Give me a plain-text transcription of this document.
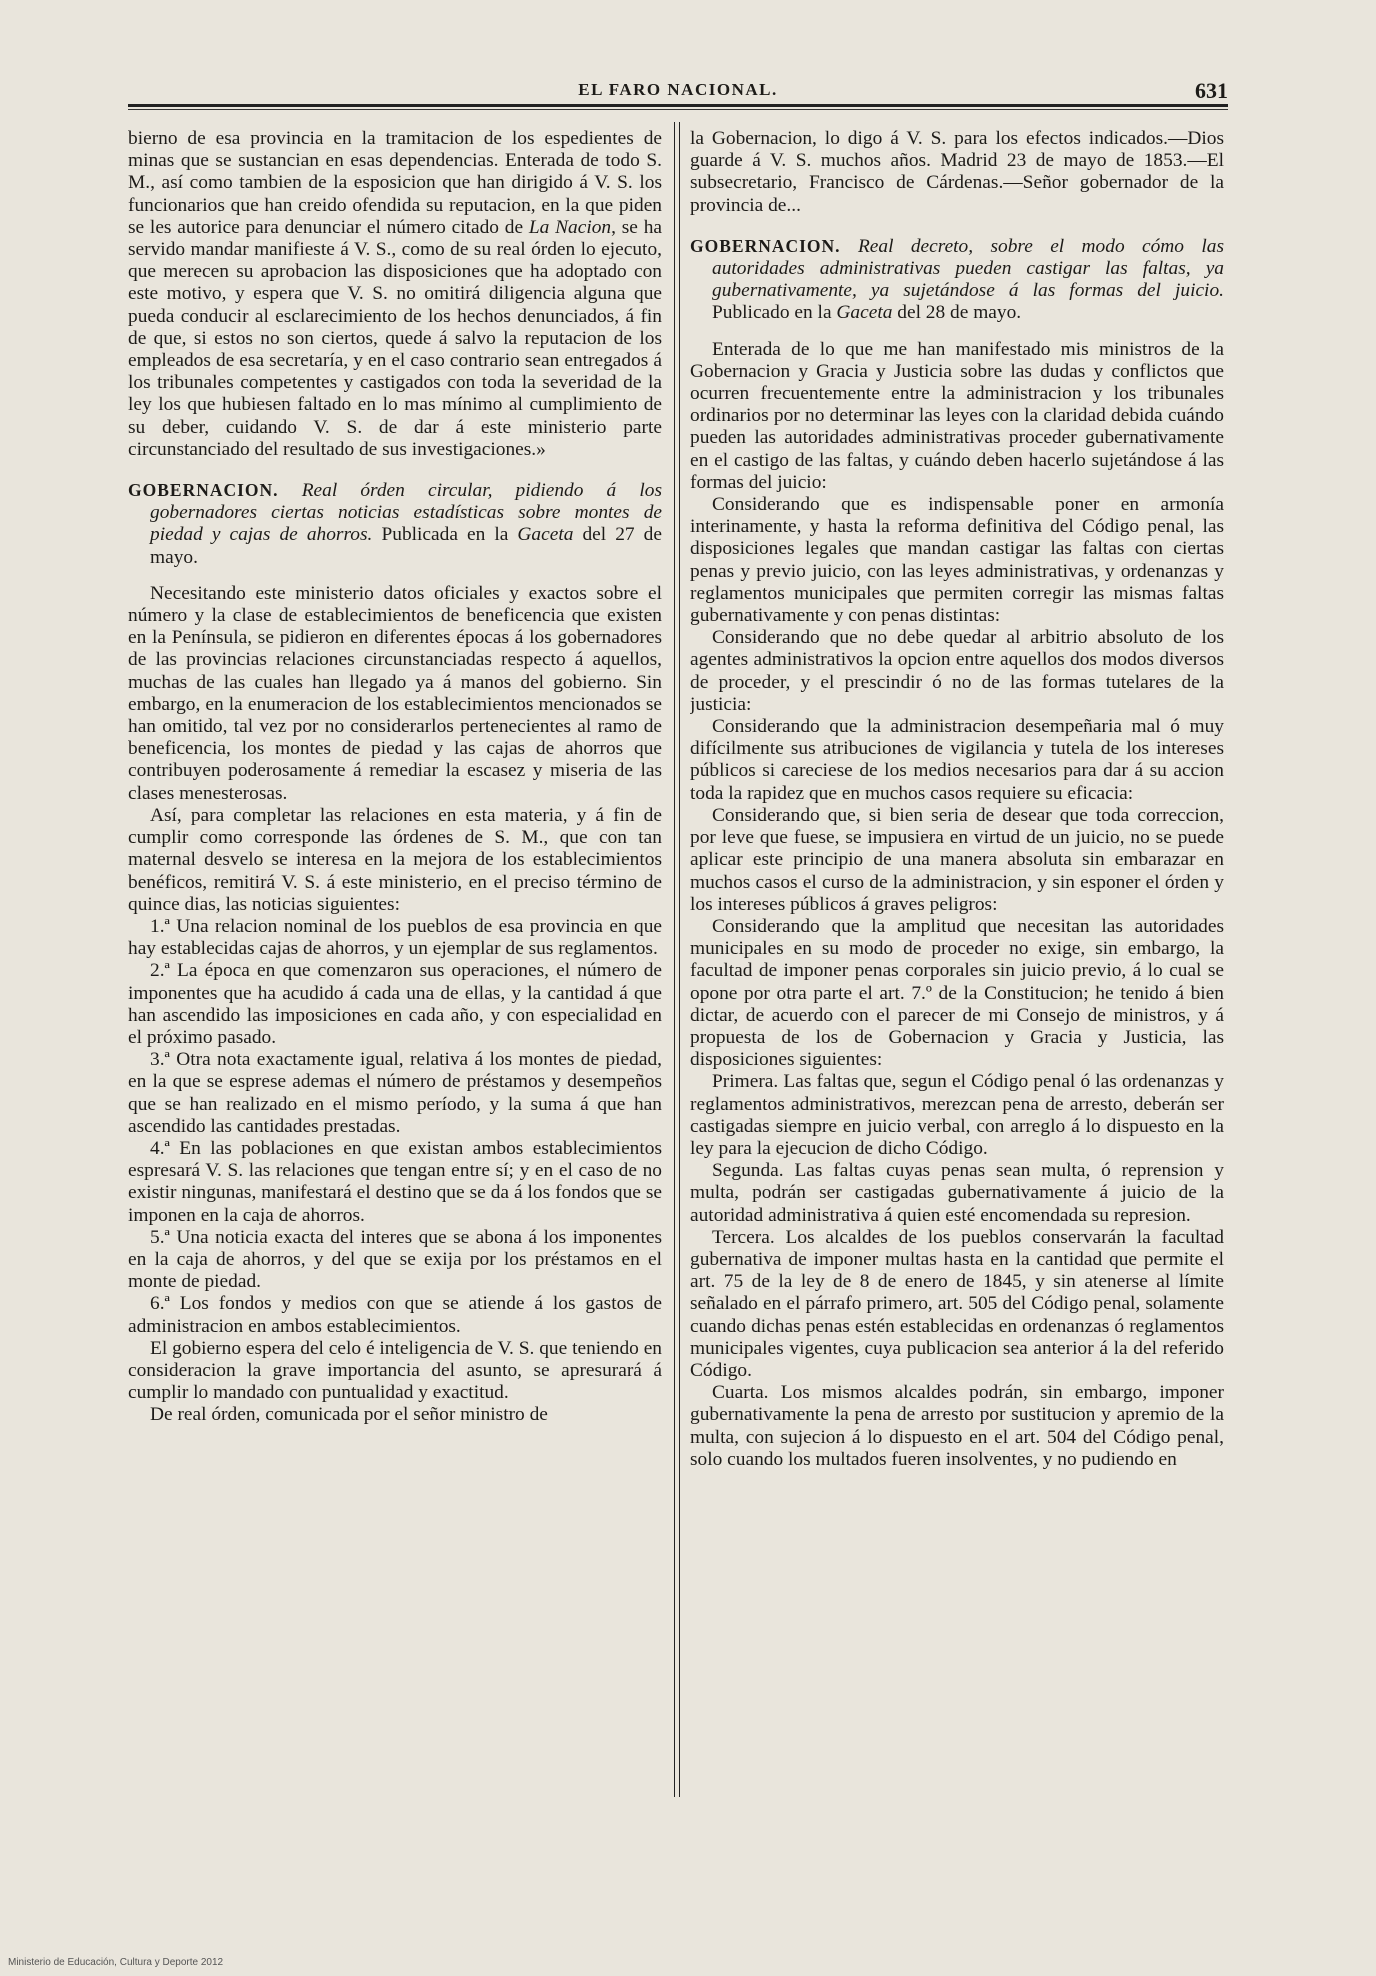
EL FARO NACIONAL.	631

bierno de esa provincia en la tramitacion de los espedientes de minas que se sustancian en esas dependencias. Enterada de todo S. M., así como tambien de la esposicion que han dirigido á V. S. los funcionarios que han creido ofendida su reputacion, en la que piden se les autorice para denunciar el número citado de La Nacion, se ha servido mandar manifieste á V. S., como de su real órden lo ejecuto, que merecen su aprobacion las disposiciones que ha adoptado con este motivo, y espera que V. S. no omitirá diligencia alguna que pueda conducir al esclarecimiento de los hechos denunciados, á fin de que, si estos no son ciertos, quede á salvo la reputacion de los empleados de esa secretaría, y en el caso contrario sean entregados á los tribunales competentes y castigados con toda la severidad de la ley los que hubiesen faltado en lo mas mínimo al cumplimiento de su deber, cuidando V. S. de dar á este ministerio parte circunstanciado del resultado de sus investigaciones.»

GOBERNACION. Real órden circular, pidiendo á los gobernadores ciertas noticias estadísticas sobre montes de piedad y cajas de ahorros. Publicada en la Gaceta del 27 de mayo.

Necesitando este ministerio datos oficiales y exactos sobre el número y la clase de establecimientos de beneficencia que existen en la Península, se pidieron en diferentes épocas á los gobernadores de las provincias relaciones circunstanciadas respecto á aquellos, muchas de las cuales han llegado ya á manos del gobierno. Sin embargo, en la enumeracion de los establecimientos mencionados se han omitido, tal vez por no considerarlos pertenecientes al ramo de beneficencia, los montes de piedad y las cajas de ahorros que contribuyen poderosamente á remediar la escasez y miseria de las clases menesterosas.

Así, para completar las relaciones en esta materia, y á fin de cumplir como corresponde las órdenes de S. M., que con tan maternal desvelo se interesa en la mejora de los establecimientos benéficos, remitirá V. S. á este ministerio, en el preciso término de quince dias, las noticias siguientes:

1.ª Una relacion nominal de los pueblos de esa provincia en que hay establecidas cajas de ahorros, y un ejemplar de sus reglamentos.

2.ª La época en que comenzaron sus operaciones, el número de imponentes que ha acudido á cada una de ellas, y la cantidad á que han ascendido las imposiciones en cada año, y con especialidad en el próximo pasado.

3.ª Otra nota exactamente igual, relativa á los montes de piedad, en la que se esprese ademas el número de préstamos y desempeños que se han realizado en el mismo período, y la suma á que han ascendido las cantidades prestadas.

4.ª En las poblaciones en que existan ambos establecimientos espresará V. S. las relaciones que tengan entre sí; y en el caso de no existir ningunas, manifestará el destino que se da á los fondos que se imponen en la caja de ahorros.

5.ª Una noticia exacta del interes que se abona á los imponentes en la caja de ahorros, y del que se exija por los préstamos en el monte de piedad.

6.ª Los fondos y medios con que se atiende á los gastos de administracion en ambos establecimientos.

El gobierno espera del celo é inteligencia de V. S. que teniendo en consideracion la grave importancia del asunto, se apresurará á cumplir lo mandado con puntualidad y exactitud.

De real órden, comunicada por el señor ministro de

la Gobernacion, lo digo á V. S. para los efectos indicados.—Dios guarde á V. S. muchos años. Madrid 23 de mayo de 1853.—El subsecretario, Francisco de Cárdenas.—Señor gobernador de la provincia de...

GOBERNACION. Real decreto, sobre el modo cómo las autoridades administrativas pueden castigar las faltas, ya gubernativamente, ya sujetándose á las formas del juicio. Publicado en la Gaceta del 28 de mayo.

Enterada de lo que me han manifestado mis ministros de la Gobernacion y Gracia y Justicia sobre las dudas y conflictos que ocurren frecuentemente entre la administracion y los tribunales ordinarios por no determinar las leyes con la claridad debida cuándo pueden las autoridades administrativas proceder gubernativamente en el castigo de las faltas, y cuándo deben hacerlo sujetándose á las formas del juicio:

Considerando que es indispensable poner en armonía interinamente, y hasta la reforma definitiva del Código penal, las disposiciones legales que mandan castigar las faltas con ciertas penas y previo juicio, con las leyes administrativas, y ordenanzas y reglamentos municipales que permiten corregir las mismas faltas gubernativamente y con penas distintas:

Considerando que no debe quedar al arbitrio absoluto de los agentes administrativos la opcion entre aquellos dos modos diversos de proceder, y el prescindir ó no de las formas tutelares de la justicia:

Considerando que la administracion desempeñaria mal ó muy difícilmente sus atribuciones de vigilancia y tutela de los intereses públicos si careciese de los medios necesarios para dar á su accion toda la rapidez que en muchos casos requiere su eficacia:

Considerando que, si bien seria de desear que toda correccion, por leve que fuese, se impusiera en virtud de un juicio, no se puede aplicar este principio de una manera absoluta sin embarazar en muchos casos el curso de la administracion, y sin esponer el órden y los intereses públicos á graves peligros:

Considerando que la amplitud que necesitan las autoridades municipales en su modo de proceder no exige, sin embargo, la facultad de imponer penas corporales sin juicio previo, á lo cual se opone por otra parte el art. 7.º de la Constitucion; he tenido á bien dictar, de acuerdo con el parecer de mi Consejo de ministros, y á propuesta de los de Gobernacion y Gracia y Justicia, las disposiciones siguientes:

Primera. Las faltas que, segun el Código penal ó las ordenanzas y reglamentos administrativos, merezcan pena de arresto, deberán ser castigadas siempre en juicio verbal, con arreglo á lo dispuesto en la ley para la ejecucion de dicho Código.

Segunda. Las faltas cuyas penas sean multa, ó reprension y multa, podrán ser castigadas gubernativamente á juicio de la autoridad administrativa á quien esté encomendada su represion.

Tercera. Los alcaldes de los pueblos conservarán la facultad gubernativa de imponer multas hasta en la cantidad que permite el art. 75 de la ley de 8 de enero de 1845, y sin atenerse al límite señalado en el párrafo primero, art. 505 del Código penal, solamente cuando dichas penas estén establecidas en ordenanzas ó reglamentos municipales vigentes, cuya publicacion sea anterior á la del referido Código.

Cuarta. Los mismos alcaldes podrán, sin embargo, imponer gubernativamente la pena de arresto por sustitucion y apremio de la multa, con sujecion á lo dispuesto en el art. 504 del Código penal, solo cuando los multados fueren insolventes, y no pudiendo en

Ministerio de Educación, Cultura y Deporte 2012
